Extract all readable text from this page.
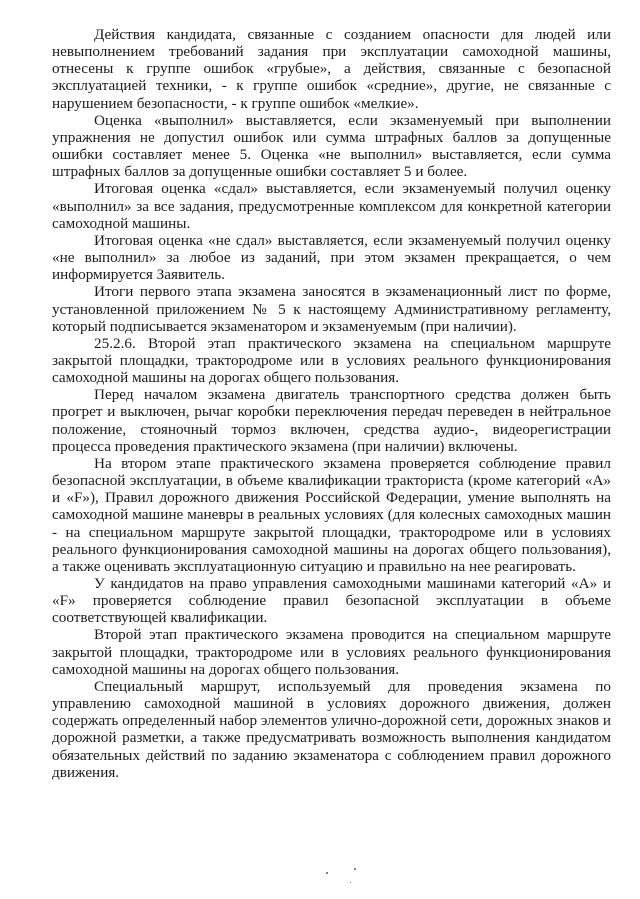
Действия кандидата, связанные с созданием опасности для людей или невыполнением требований задания при эксплуатации самоходной машины, отнесены к группе ошибок «грубые», а действия, связанные с безопасной эксплуатацией техники, - к группе ошибок «средние», другие, не связанные с нарушением безопасности, - к группе ошибок «мелкие».

Оценка «выполнил» выставляется, если экзаменуемый при выполнении упражнения не допустил ошибок или сумма штрафных баллов за допущенные ошибки составляет менее 5. Оценка «не выполнил» выставляется, если сумма штрафных баллов за допущенные ошибки составляет 5 и более.

Итоговая оценка «сдал» выставляется, если экзаменуемый получил оценку «выполнил» за все задания, предусмотренные комплексом для конкретной категории самоходной машины.

Итоговая оценка «не сдал» выставляется, если экзаменуемый получил оценку «не выполнил» за любое из заданий, при этом экзамен прекращается, о чем информируется Заявитель.

Итоги первого этапа экзамена заносятся в экзаменационный лист по форме, установленной приложением № 5 к настоящему Административному регламенту, который подписывается экзаменатором и экзаменуемым (при наличии).

25.2.6. Второй этап практического экзамена на специальном маршруте закрытой площадки, трактородроме или в условиях реального функционирования самоходной машины на дорогах общего пользования.

Перед началом экзамена двигатель транспортного средства должен быть прогрет и выключен, рычаг коробки переключения передач переведен в нейтральное положение, стояночный тормоз включен, средства аудио-, видеорегистрации процесса проведения практического экзамена (при наличии) включены.

На втором этапе практического экзамена проверяется соблюдение правил безопасной эксплуатации, в объеме квалификации тракториста (кроме категорий «А» и «F»), Правил дорожного движения Российской Федерации, умение выполнять на самоходной машине маневры в реальных условиях (для колесных самоходных машин - на специальном маршруте закрытой площадки, трактородроме или в условиях реального функционирования самоходной машины на дорогах общего пользования), а также оценивать эксплуатационную ситуацию и правильно на нее реагировать.

У кандидатов на право управления самоходными машинами категорий «А» и «F» проверяется соблюдение правил безопасной эксплуатации в объеме соответствующей квалификации.

Второй этап практического экзамена проводится на специальном маршруте закрытой площадки, трактородроме или в условиях реального функционирования самоходной машины на дорогах общего пользования.

Специальный маршрут, используемый для проведения экзамена по управлению самоходной машиной в условиях дорожного движения, должен содержать определенный набор элементов улично-дорожной сети, дорожных знаков и дорожной разметки, а также предусматривать возможность выполнения кандидатом обязательных действий по заданию экзаменатора с соблюдением правил дорожного движения.
